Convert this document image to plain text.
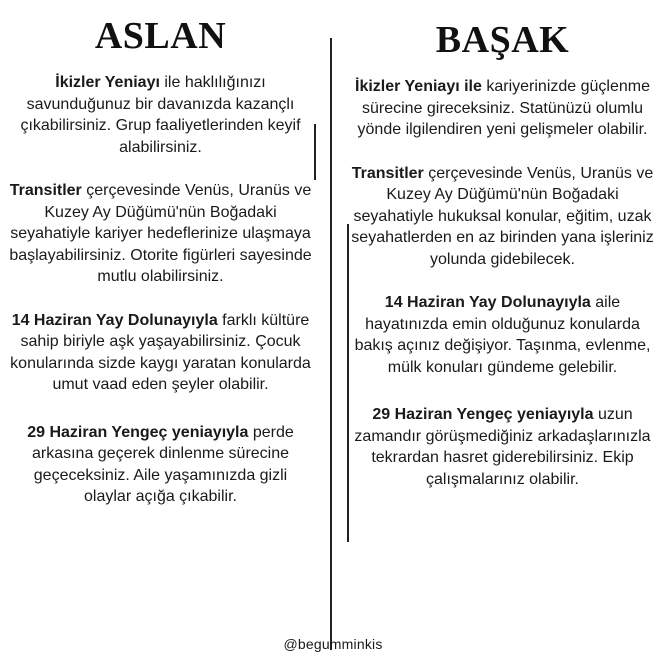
ASLAN

İkizler Yeniayı ile haklılığınızı savunduğunuz bir davanızda kazançlı çıkabilirsiniz. Grup faaliyetlerinden keyif alabilirsiniz.

Transitler çerçevesinde Venüs, Uranüs ve Kuzey Ay Düğümü'nün Boğadaki seyahatiyle kariyer hedeflerinize ulaşmaya başlayabilirsiniz. Otorite figürleri sayesinde mutlu olabilirsiniz.

14 Haziran Yay Dolunayıyla farklı kültüre sahip biriyle aşk yaşayabilirsiniz. Çocuk konularında sizde kaygı yaratan konularda umut vaad eden şeyler olabilir.

29 Haziran Yengeç yeniayıyla perde arkasına geçerek dinlenme sürecine geçeceksiniz. Aile yaşamınızda gizli olaylar açığa çıkabilir.

BAŞAK

İkizler Yeniayı ile kariyerinizde güçlenme sürecine gireceksiniz. Statünüzü olumlu yönde ilgilendiren yeni gelişmeler olabilir.

Transitler çerçevesinde Venüs, Uranüs ve Kuzey Ay Düğümü'nün Boğadaki seyahatiyle hukuksal konular, eğitim, uzak seyahatlerden en az birinden yana işleriniz yolunda gidebilecek.

14 Haziran Yay Dolunayıyla aile hayatınızda emin olduğunuz konularda bakış açınız değişiyor. Taşınma, evlenme, mülk konuları gündeme gelebilir.

29 Haziran Yengeç yeniayıyla uzun zamandır görüşmediğiniz arkadaşlarınızla tekrardan hasret giderebilirsiniz. Ekip çalışmalarınız olabilir.

@begumminkis
